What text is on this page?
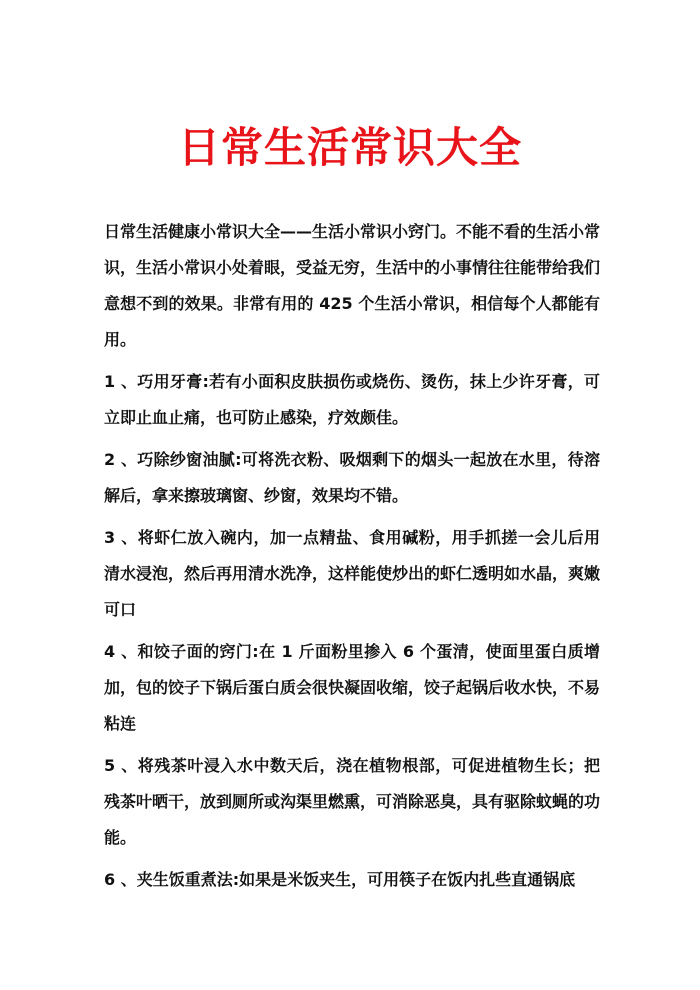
日常生活常识大全

日常生活健康小常识大全——生活小常识小窍门。不能不看的生活小常识，生活小常识小处着眼，受益无穷，生活中的小事情往往能带给我们意想不到的效果。非常有用的 425 个生活小常识，相信每个人都能有用。

1 、巧用牙膏:若有小面积皮肤损伤或烧伤、烫伤，抹上少许牙膏，可立即止血止痛，也可防止感染，疗效颇佳。

2 、巧除纱窗油腻:可将洗衣粉、吸烟剩下的烟头一起放在水里，待溶解后，拿来擦玻璃窗、纱窗，效果均不错。

3 、将虾仁放入碗内，加一点精盐、食用碱粉，用手抓搓一会儿后用清水浸泡，然后再用清水洗净，这样能使炒出的虾仁透明如水晶，爽嫩可口

4 、和饺子面的窍门:在 1 斤面粉里掺入 6 个蛋清，使面里蛋白质增加，包的饺子下锅后蛋白质会很快凝固收缩，饺子起锅后收水快，不易粘连

5 、将残茶叶浸入水中数天后，浇在植物根部，可促进植物生长；把残茶叶晒干，放到厕所或沟渠里燃熏，可消除恶臭，具有驱除蚊蝇的功能。

6 、夹生饭重煮法:如果是米饭夹生，可用筷子在饭内扎些直通锅底
